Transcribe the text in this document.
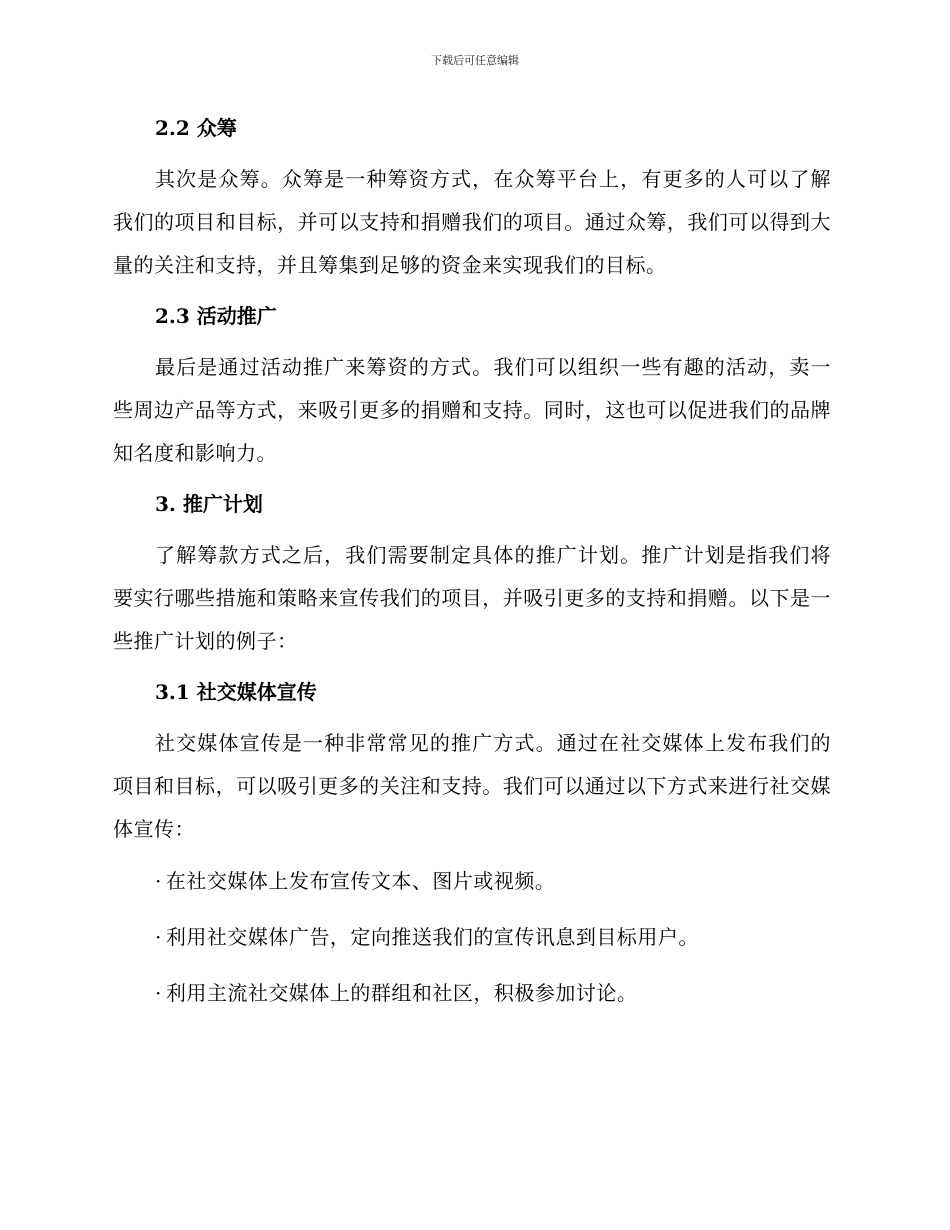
下载后可任意编辑
2.2 众筹

其次是众筹。众筹是一种筹资方式，在众筹平台上，有更多的人可以了解我们的项目和目标，并可以支持和捐赠我们的项目。通过众筹，我们可以得到大量的关注和支持，并且筹集到足够的资金来实现我们的目标。

2.3 活动推广

最后是通过活动推广来筹资的方式。我们可以组织一些有趣的活动，卖一些周边产品等方式，来吸引更多的捐赠和支持。同时，这也可以促进我们的品牌知名度和影响力。

3. 推广计划

了解筹款方式之后，我们需要制定具体的推广计划。推广计划是指我们将要实行哪些措施和策略来宣传我们的项目，并吸引更多的支持和捐赠。以下是一些推广计划的例子：

3.1 社交媒体宣传

社交媒体宣传是一种非常常见的推广方式。通过在社交媒体上发布我们的项目和目标，可以吸引更多的关注和支持。我们可以通过以下方式来进行社交媒体宣传：

· 在社交媒体上发布宣传文本、图片或视频。
· 利用社交媒体广告，定向推送我们的宣传讯息到目标用户。
· 利用主流社交媒体上的群组和社区，积极参加讨论。
